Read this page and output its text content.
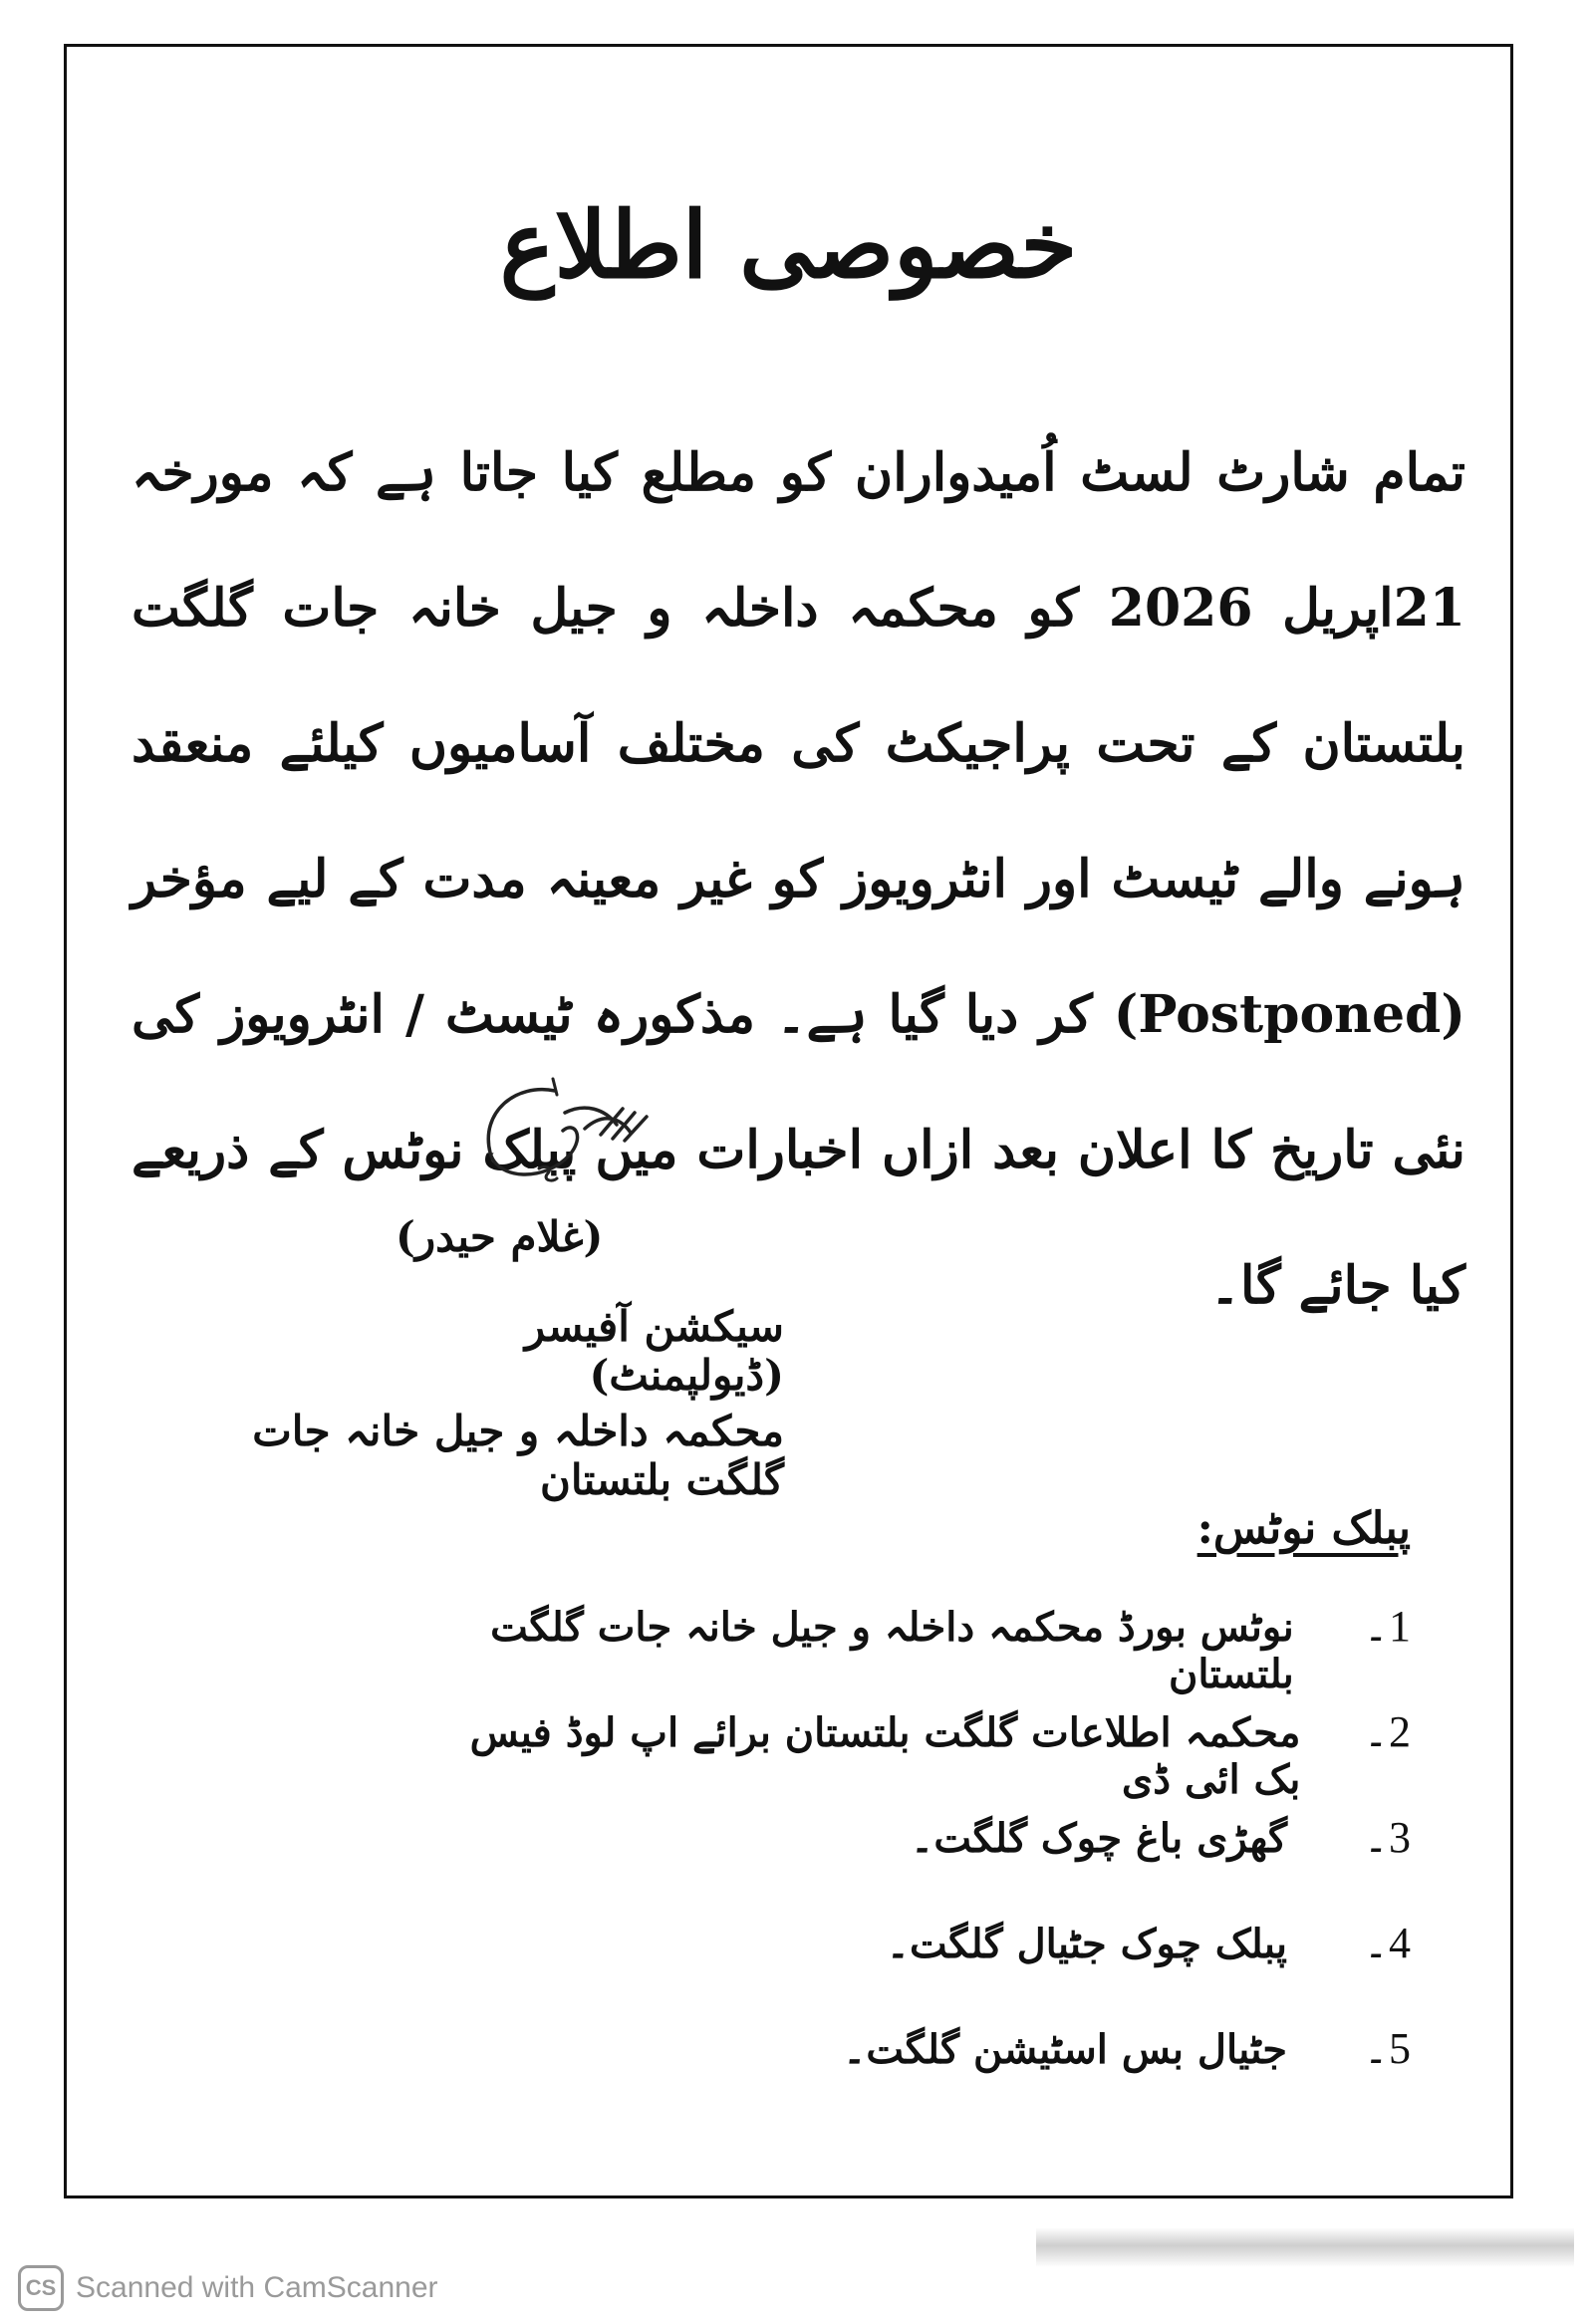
خصوصی اطلاع

تمام شارٹ لسٹ اُمیدواران کو مطلع کیا جاتا ہے کہ مورخہ 21اپریل 2026 کو محکمہ داخلہ و جیل خانہ جات گلگت بلتستان کے تحت پراجیکٹ کی مختلف آسامیوں کیلئے منعقد ہونے والے ٹیسٹ اور انٹرویوز کو غیر معینہ مدت کے لیے مؤخر (Postponed) کر دیا گیا ہے۔ مذکورہ ٹیسٹ / انٹرویوز کی نئی تاریخ کا اعلان بعد ازاں اخبارات میں پبلک نوٹس کے ذریعے کیا جائے گا۔

(غلام حیدر)
سیکشن آفیسر (ڈیولپمنٹ)
محکمہ داخلہ و جیل خانہ جات گلگت بلتستان
پبلک نوٹس:
1۔
نوٹس بورڈ محکمہ داخلہ و جیل خانہ جات گلگت بلتستان
2۔
محکمہ اطلاعات گلگت بلتستان برائے اپ لوڈ فیس بک ائی ڈی
3۔
گھڑی باغ چوک گلگت۔
4۔
پبلک چوک جٹیال گلگت۔
5۔
جٹیال بس اسٹیشن گلگت۔
CS Scanned with CamScanner
